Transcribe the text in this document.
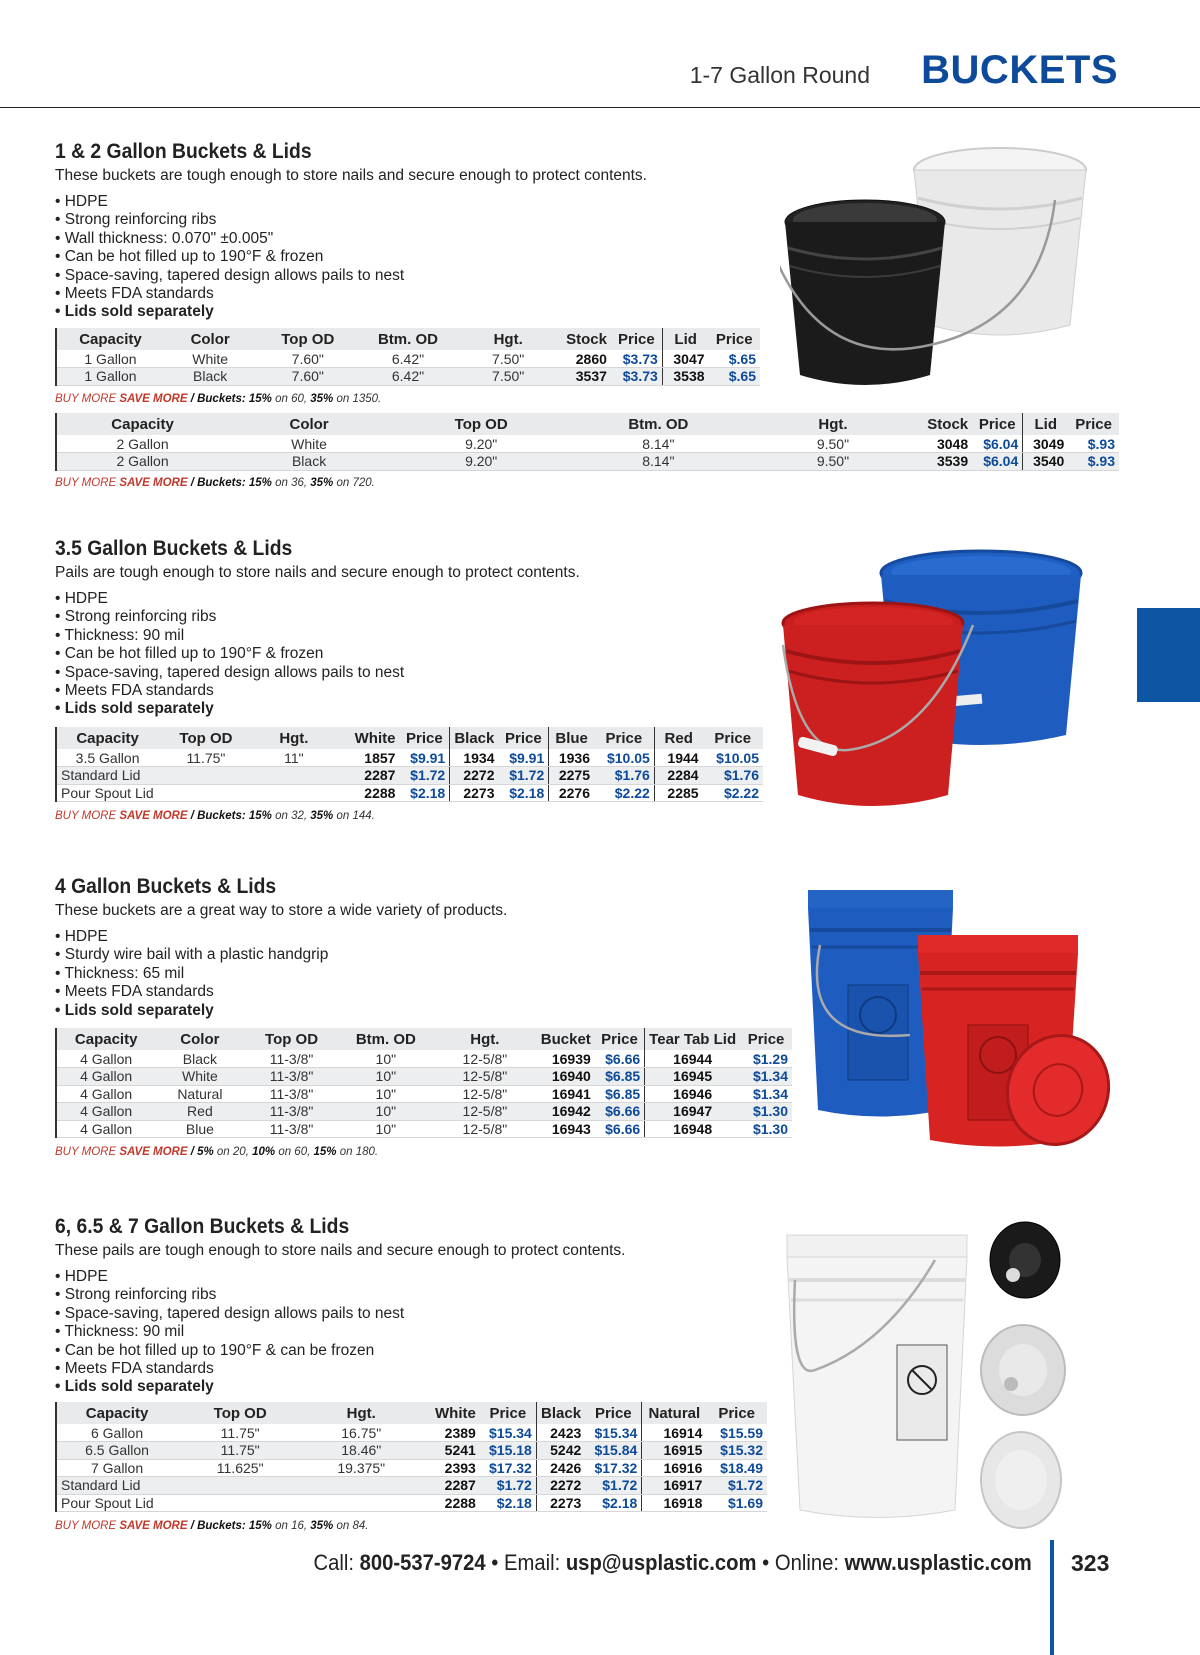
1-7 Gallon Round BUCKETS
1 & 2 Gallon Buckets & Lids
These buckets are tough enough to store nails and secure enough to protect contents.
• HDPE
• Strong reinforcing ribs
• Wall thickness: 0.070" ±0.005"
• Can be hot filled up to 190°F & frozen
• Space-saving, tapered design allows pails to nest
• Meets FDA standards
• Lids sold separately
Capacity	Color	Top OD	Btm. OD	Hgt.	Stock	Price	Lid	Price
1 Gallon	White	7.60"	6.42"	7.50"	2860	$3.73	3047	$.65
1 Gallon	Black	7.60"	6.42"	7.50"	3537	$3.73	3538	$.65
BUY MORE SAVE MORE / Buckets: 15% on 60, 35% on 1350.
Capacity	Color	Top OD	Btm. OD	Hgt.	Stock	Price	Lid	Price
2 Gallon	White	9.20"	8.14"	9.50"	3048	$6.04	3049	$.93
2 Gallon	Black	9.20"	8.14"	9.50"	3539	$6.04	3540	$.93
BUY MORE SAVE MORE / Buckets: 15% on 36, 35% on 720.
3.5 Gallon Buckets & Lids
Pails are tough enough to store nails and secure enough to protect contents.
• HDPE
• Strong reinforcing ribs
• Thickness: 90 mil
• Can be hot filled up to 190°F & frozen
• Space-saving, tapered design allows pails to nest
• Meets FDA standards
• Lids sold separately
Capacity	Top OD	Hgt.	White	Price	Black	Price	Blue	Price	Red	Price
3.5 Gallon	11.75"	11"	1857	$9.91	1934	$9.91	1936	$10.05	1944	$10.05
Standard Lid			2287	$1.72	2272	$1.72	2275	$1.76	2284	$1.76
Pour Spout Lid			2288	$2.18	2273	$2.18	2276	$2.22	2285	$2.22
BUY MORE SAVE MORE / Buckets: 15% on 32, 35% on 144.
4 Gallon Buckets & Lids
These buckets are a great way to store a wide variety of products.
• HDPE
• Sturdy wire bail with a plastic handgrip
• Thickness: 65 mil
• Meets FDA standards
• Lids sold separately
Capacity	Color	Top OD	Btm. OD	Hgt.	Bucket	Price	Tear Tab Lid	Price
4 Gallon	Black	11-3/8"	10"	12-5/8"	16939	$6.66	16944	$1.29
4 Gallon	White	11-3/8"	10"	12-5/8"	16940	$6.85	16945	$1.34
4 Gallon	Natural	11-3/8"	10"	12-5/8"	16941	$6.85	16946	$1.34
4 Gallon	Red	11-3/8"	10"	12-5/8"	16942	$6.66	16947	$1.30
4 Gallon	Blue	11-3/8"	10"	12-5/8"	16943	$6.66	16948	$1.30
BUY MORE SAVE MORE / 5% on 20, 10% on 60, 15% on 180.
6, 6.5 & 7 Gallon Buckets & Lids
These pails are tough enough to store nails and secure enough to protect contents.
• HDPE
• Strong reinforcing ribs
• Space-saving, tapered design allows pails to nest
• Thickness: 90 mil
• Can be hot filled up to 190°F & can be frozen
• Meets FDA standards
• Lids sold separately
Capacity	Top OD	Hgt.	White	Price	Black	Price	Natural	Price
6 Gallon	11.75"	16.75"	2389	$15.34	2423	$15.34	16914	$15.59
6.5 Gallon	11.75"	18.46"	5241	$15.18	5242	$15.84	16915	$15.32
7 Gallon	11.625"	19.375"	2393	$17.32	2426	$17.32	16916	$18.49
Standard Lid			2287	$1.72	2272	$1.72	16917	$1.72
Pour Spout Lid			2288	$2.18	2273	$2.18	16918	$1.69
BUY MORE SAVE MORE / Buckets: 15% on 16, 35% on 84.
Call: 800-537-9724 • Email: usp@usplastic.com • Online: www.usplastic.com 323
